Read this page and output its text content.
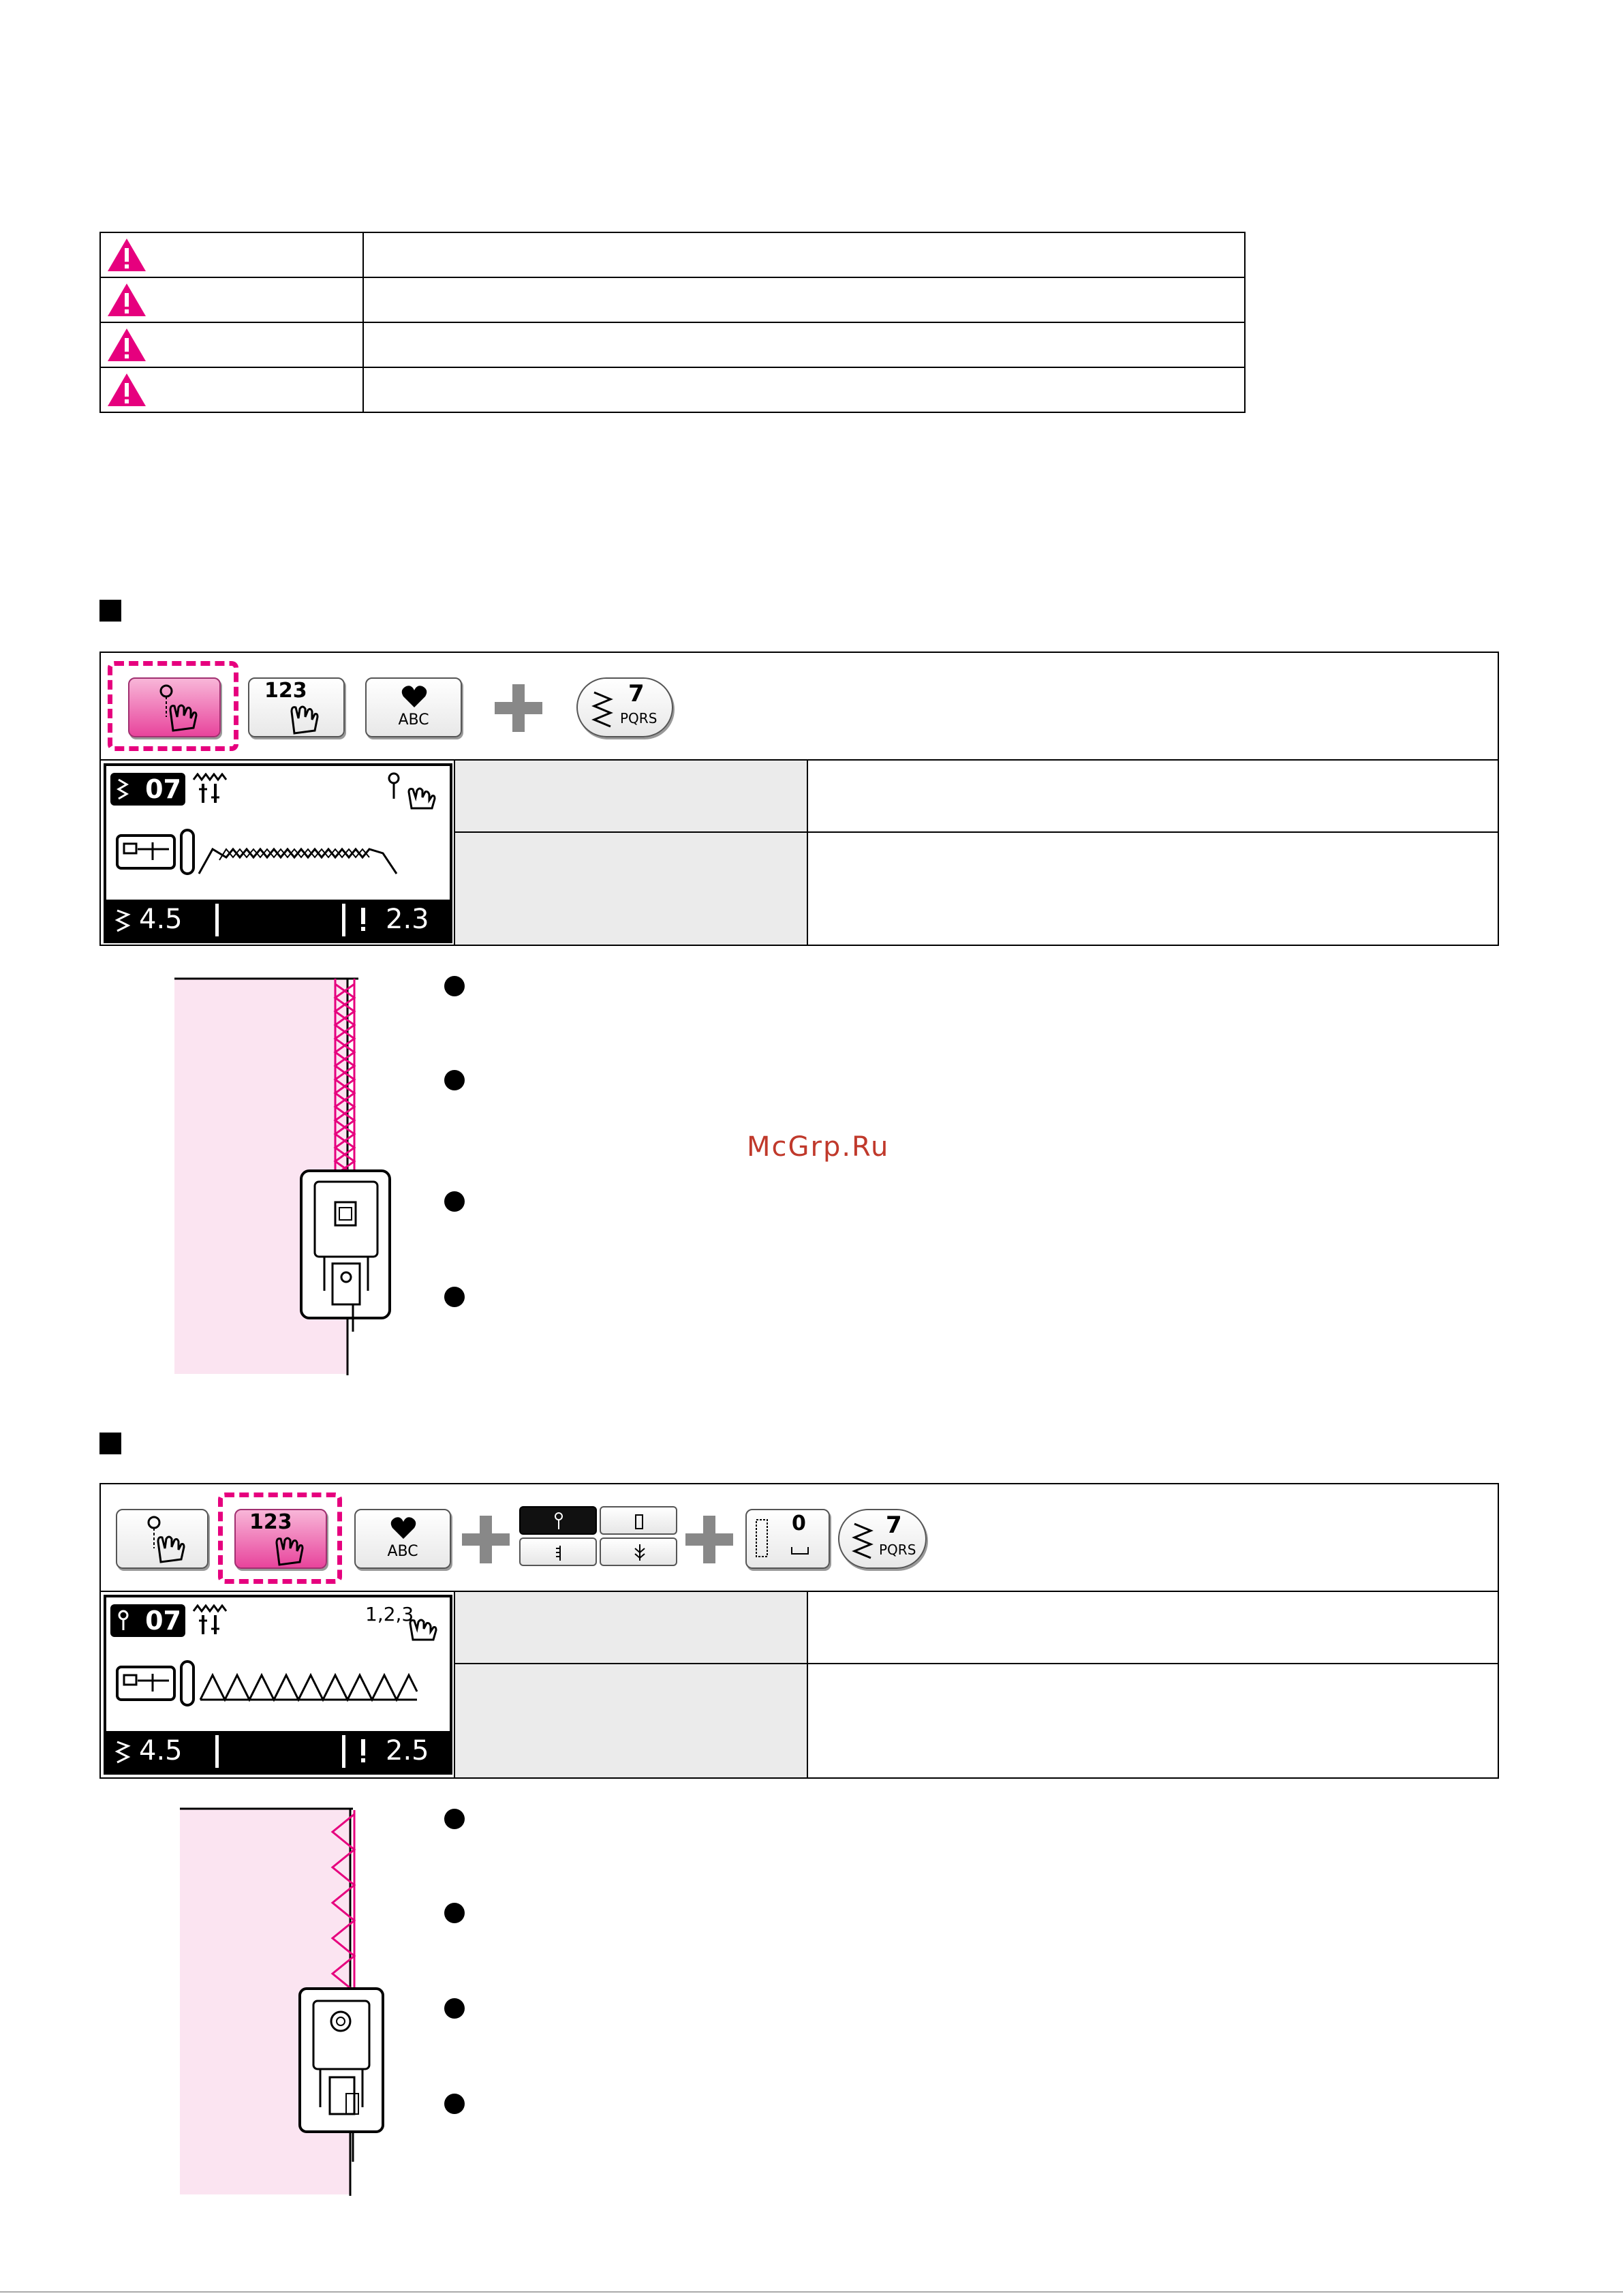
123
ABC
7
PQRS
07
4.5	2.3
McGrp.Ru
123
ABC
0	7
PQRS
07	1,2,3
4.5	2.5
